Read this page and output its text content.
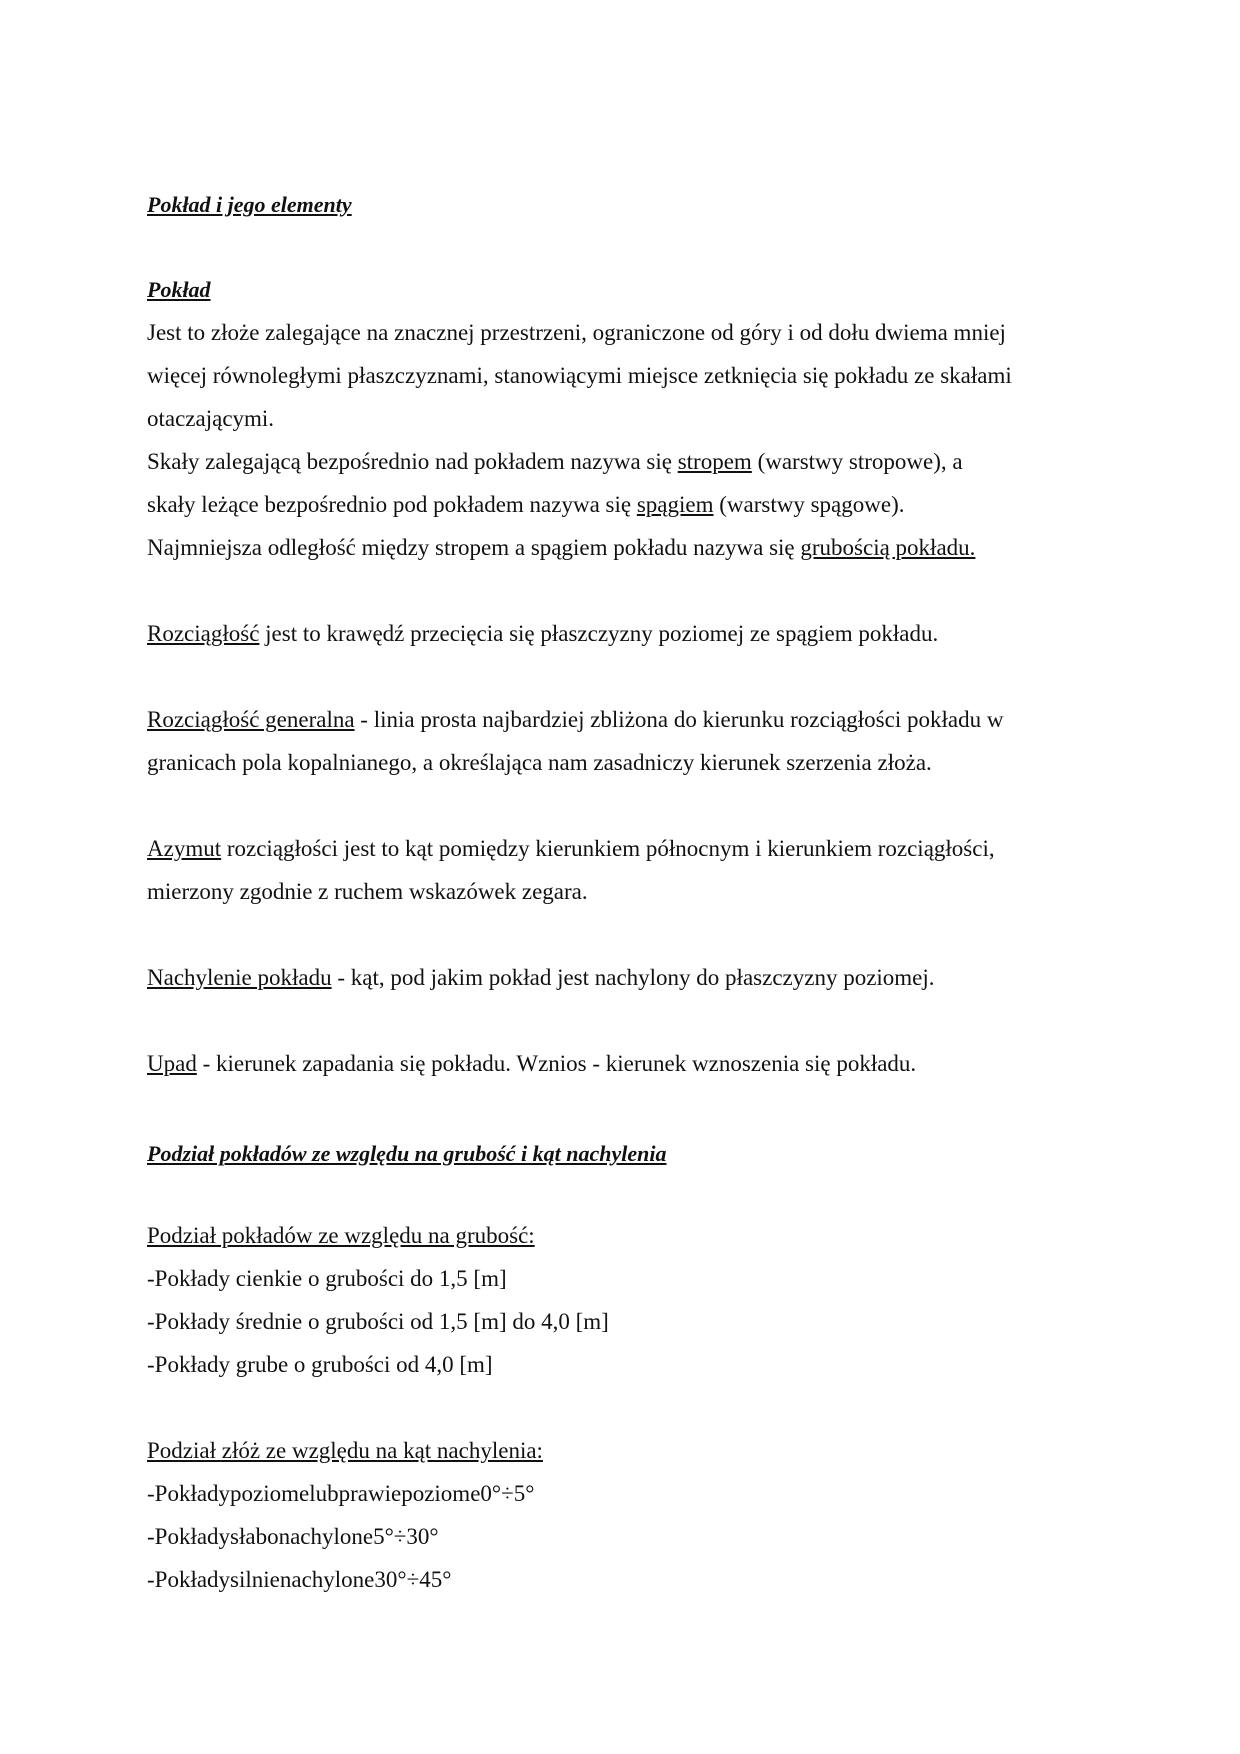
Pokład i jego elementy

Pokład

Jest to złoże zalegające na znacznej przestrzeni, ograniczone od góry i od dołu dwiema mniej

więcej równoległymi płaszczyznami, stanowiącymi miejsce zetknięcia się pokładu ze skałami

otaczającymi.

Skały zalegającą bezpośrednio nad pokładem nazywa się stropem (warstwy stropowe), a

skały leżące bezpośrednio pod pokładem nazywa się spągiem (warstwy spągowe).

Najmniejsza odległość między stropem a spągiem pokładu nazywa się grubością pokładu.

Rozciągłość jest to krawędź przecięcia się płaszczyzny poziomej ze spągiem pokładu.

Rozciągłość generalna - linia prosta najbardziej zbliżona do kierunku rozciągłości pokładu w

granicach pola kopalnianego, a określająca nam zasadniczy kierunek szerzenia złoża.

Azymut rozciągłości jest to kąt pomiędzy kierunkiem północnym i kierunkiem rozciągłości,

mierzony zgodnie z ruchem wskazówek zegara.

Nachylenie pokładu - kąt, pod jakim pokład jest nachylony do płaszczyzny poziomej.

Upad - kierunek zapadania się pokładu. Wznios - kierunek wznoszenia się pokładu.

Podział pokładów ze względu na grubość i kąt nachylenia

Podział pokładów ze względu na grubość:

-Pokłady cienkie o grubości do 1,5 [m]

-Pokłady średnie o grubości od 1,5 [m] do 4,0 [m]

-Pokłady grube o grubości od 4,0 [m]

Podział złóż ze względu na kąt nachylenia:

-Pokładypoziomelubprawiepoziome0°÷5°

-Pokładysłabonachylone5°÷30°

-Pokładysilnienachylone30°÷45°
